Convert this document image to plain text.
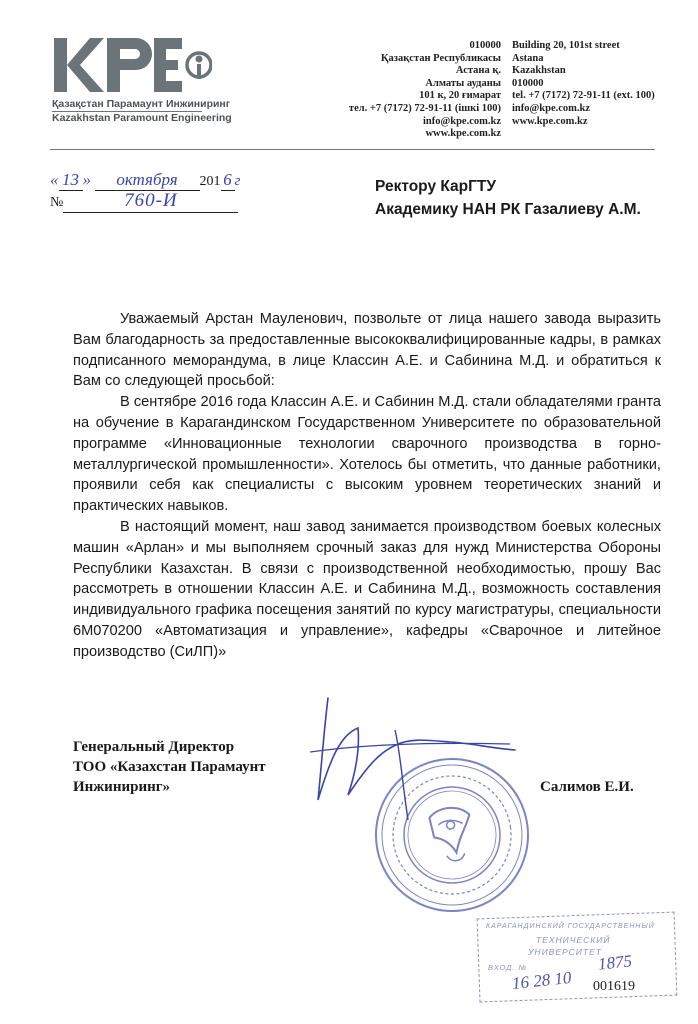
Қазақстан Парамаунт Инжиниринг
Kazakhstan Paramount Engineering
010000
Қазақстан Республикасы
Астана қ.
Алматы ауданы
101 к, 20 ғимарат
тел. +7 (7172) 72-91-11 (ішкі 100)
info@kpe.com.kz
www.kpe.com.kz
Building 20, 101st street
Astana
Kazakhstan
010000
tel. +7 (7172) 72-91-11 (ext. 100)
info@kpe.com.kz
www.kpe.com.kz
« 13 » октября 201 6 г
№	760-И
Ректору КарГТУ
Академику НАН РК Газалиеву А.М.

Уважаемый Арстан Мауленович, позвольте от лица нашего завода выразить Вам благодарность за предоставленные высококвалифицированные кадры, в рамках подписанного меморандума, в лице Классин А.Е. и Сабинина М.Д. и обратиться к Вам со следующей просьбой:

В сентябре 2016 года Классин А.Е. и Сабинин М.Д. стали обладателями гранта на обучение в Карагандинском Государственном Университете по образовательной программе «Инновационные технологии сварочного производства в горно-металлургической промышленности». Хотелось бы отметить, что данные работники, проявили себя как специалисты с высоким уровнем теоретических знаний и практических навыков.

В настоящий момент, наш завод занимается производством боевых колесных машин «Арлан» и мы выполняем срочный заказ для нужд Министерства Обороны Республики Казахстан. В связи с производственной необходимостью, прошу Вас рассмотреть в отношении Классин А.Е. и Сабинина М.Д., возможность составления индивидуального графика посещения занятий по курсу магистратуры, специальности 6М070200 «Автоматизация и управление», кафедры «Сварочное и литейное производство (СиЛП)»

Генеральный Директор
ТОО «Казахстан Парамаунт
Инжиниринг»	Салимов Е.И.
КАРАГАНДИНСКИЙ ГОСУДАРСТВЕННЫЙ
ТЕХНИЧЕСКИЙ
УНИВЕРСИТЕТ
ВХОД. №	1875
16 28 10 001619
